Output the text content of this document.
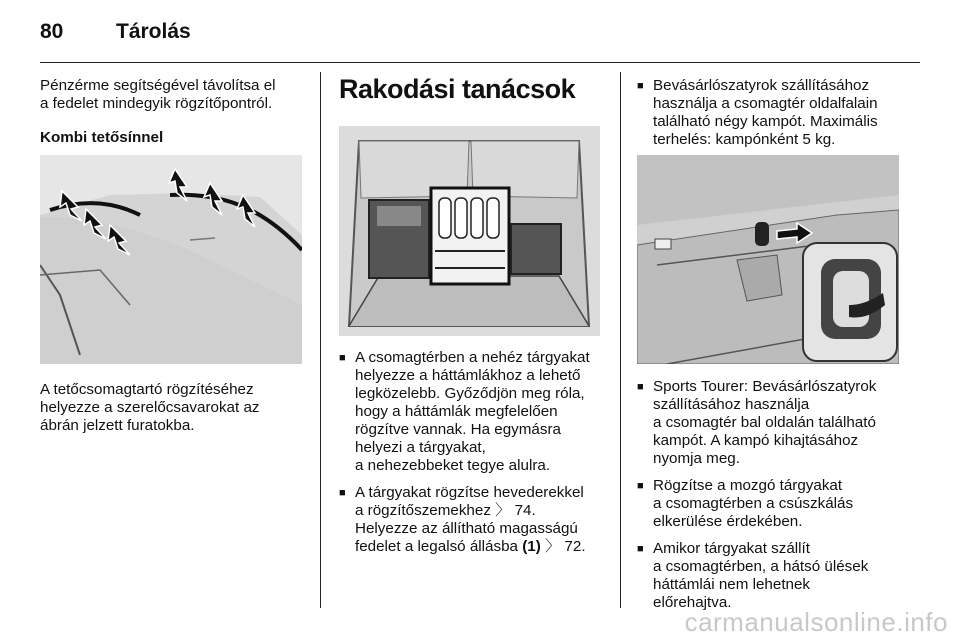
80	Tárolás

Pénzérme segítségével távolítsa el
a fedelet mindegyik rögzítőpontról.

Kombi tetősínnel

A tetőcsomagtartó rögzítéséhez
helyezze a szerelőcsavarokat az
ábrán jelzett furatokba.
Rakodási tanácsok
■ A csomagtérben a nehéz tárgyakat
helyezze a háttámlákhoz a lehető
legközelebb. Győződjön meg róla,
hogy a háttámlák megfelelően
rögzítve vannak. Ha egymásra
helyezi a tárgyakat,
a nehezebbeket tegye alulra.
■ A tárgyakat rögzítse hevederekkel
a rögzítőszemekhez 〉 74.
Helyezze az állítható magasságú
fedelet a legalsó állásba (1) 〉 72.
■ Bevásárlószatyrok szállításához
használja a csomagtér oldalfalain
található négy kampót. Maximális
terhelés: kampónként 5 kg.
■ Sports Tourer: Bevásárlószatyrok
szállításához használja
a csomagtér bal oldalán található
kampót. A kampó kihajtásához
nyomja meg.
■ Rögzítse a mozgó tárgyakat
a csomagtérben a csúszkálás
elkerülése érdekében.
■ Amikor tárgyakat szállít
a csomagtérben, a hátsó ülések
háttámlái nem lehetnek
előrehajtva.
carmanualsonline.info
